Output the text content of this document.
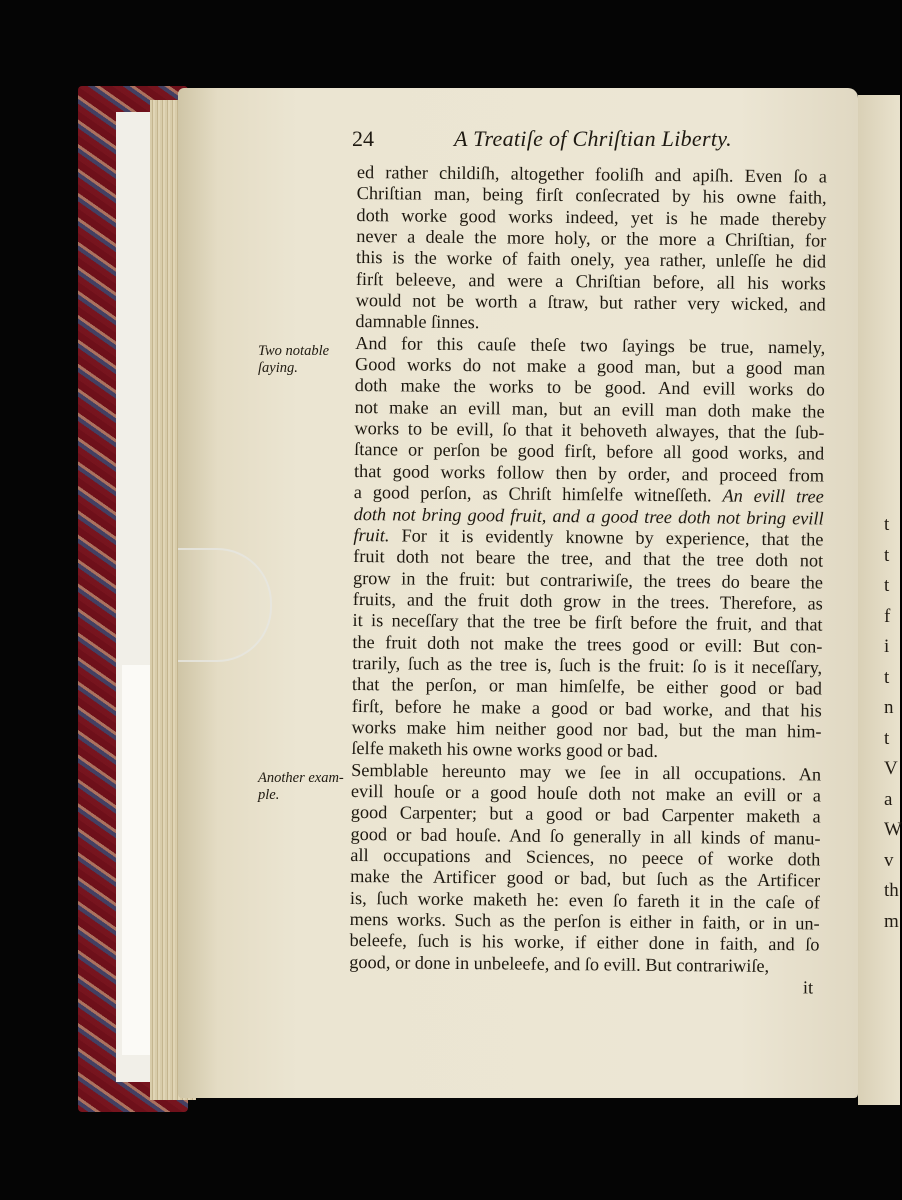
t
t
t
f
i
t
n
t
V
a
W
v
th
m
24	A Treatiſe of Chriſtian Liberty.
Two notable
ſaying.
Another exam-
ple.
ed rather childiſh, altogether fooliſh and apiſh. Even ſo a
Chriſtian man, being firſt conſecrated by his owne faith,
doth worke good works indeed, yet is he made thereby
never a deale the more holy, or the more a Chriſtian, for
this is the worke of faith onely, yea rather, unleſſe he did
firſt beleeve, and were a Chriſtian before, all his works
would not be worth a ſtraw, but rather very wicked, and
damnable ſinnes.
And for this cauſe theſe two ſayings be true, namely,
Good works do not make a good man, but a good man
doth make the works to be good. And evill works do
not make an evill man, but an evill man doth make the
works to be evill, ſo that it behoveth alwayes, that the ſub-
ſtance or perſon be good firſt, before all good works, and
that good works follow then by order, and proceed from
a good perſon, as Chriſt himſelfe witneſſeth. An evill tree
doth not bring good fruit, and a good tree doth not bring evill
fruit. For it is evidently knowne by experience, that the
fruit doth not beare the tree, and that the tree doth not
grow in the fruit: but contrariwiſe, the trees do beare the
fruits, and the fruit doth grow in the trees. Therefore, as
it is neceſſary that the tree be firſt before the fruit, and that
the fruit doth not make the trees good or evill: But con-
trarily, ſuch as the tree is, ſuch is the fruit: ſo is it neceſſary,
that the perſon, or man himſelfe, be either good or bad
firſt, before he make a good or bad worke, and that his
works make him neither good nor bad, but the man him-
ſelfe maketh his owne works good or bad.
Semblable hereunto may we ſee in all occupations. An
evill houſe or a good houſe doth not make an evill or a
good Carpenter; but a good or bad Carpenter maketh a
good or bad houſe. And ſo generally in all kinds of manu-
all occupations and Sciences, no peece of worke doth
make the Artificer good or bad, but ſuch as the Artificer
is, ſuch worke maketh he: even ſo fareth it in the caſe of
mens works. Such as the perſon is either in faith, or in un-
beleefe, ſuch is his worke, if either done in faith, and ſo
good, or done in unbeleefe, and ſo evill. But contrariwiſe,
it
